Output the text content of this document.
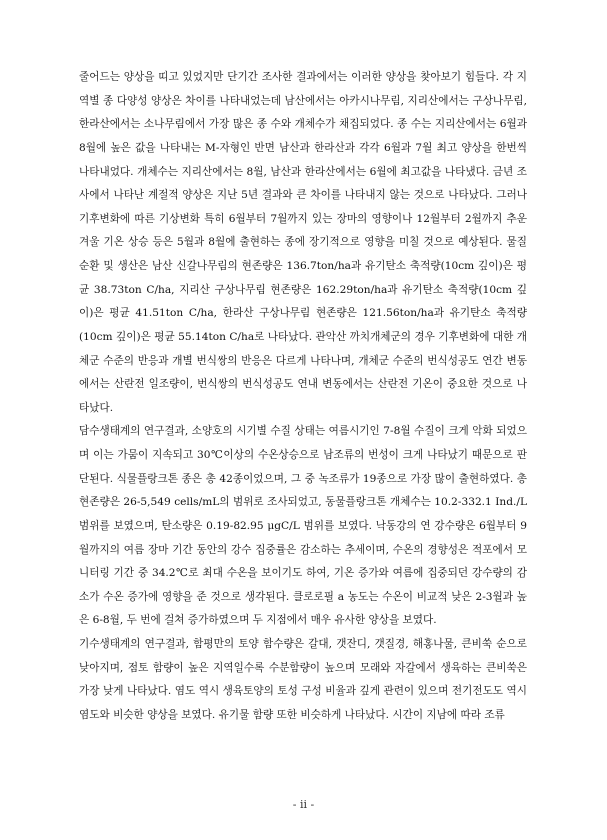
줄어드는 양상을 띠고 있었지만 단기간 조사한 결과에서는 이러한 양상을 찾아보기 힘들다. 각 지역별 종 다양성 양상은 차이를 나타내었는데 남산에서는 아카시나무림, 지리산에서는 구상나무림, 한라산에서는 소나무림에서 가장 많은 종 수와 개체수가 채집되었다. 종 수는 지리산에서는 6월과 8월에 높은 값을 나타내는 M-자형인 반면 남산과 한라산과 각각 6월과 7월 최고 양상을 한번씩 나타내었다. 개체수는 지리산에서는 8월, 남산과 한라산에서는 6월에 최고값을 나타냈다. 금년 조사에서 나타난 계절적 양상은 지난 5년 결과와 큰 차이를 나타내지 않는 것으로 나타났다. 그러나 기후변화에 따른 기상변화 특히 6월부터 7월까지 있는 장마의 영향이나 12월부터 2월까지 추운 겨울 기온 상승 등은 5월과 8월에 출현하는 종에 장기적으로 영향을 미칠 것으로 예상된다. 물질순환 및 생산은 남산 신갈나무림의 현존량은 136.7ton/ha과 유기탄소 축적량(10cm 깊이)은 평균 38.73ton C/ha, 지리산 구상나무림 현존량은 162.29ton/ha과 유기탄소 축적량(10cm 깊이)은 평균 41.51ton C/ha, 한라산 구상나무림 현존량은 121.56ton/ha과 유기탄소 축적량(10cm 깊이)은 평균 55.14ton C/ha로 나타났다. 관악산 까치개체군의 경우 기후변화에 대한 개체군 수준의 반응과 개별 번식쌍의 반응은 다르게 나타나며, 개체군 수준의 번식성공도 연간 변동에서는 산란전 일조량이, 번식쌍의 번식성공도 연내 변동에서는 산란전 기온이 중요한 것으로 나타났다.

담수생태계의 연구결과, 소양호의 시기별 수질 상태는 여름시기인 7-8월 수질이 크게 악화 되었으며 이는 가뭄이 지속되고 30℃이상의 수온상승으로 남조류의 번성이 크게 나타났기 때문으로 판단된다. 식물플랑크톤 종은 총 42종이었으며, 그 중 녹조류가 19종으로 가장 많이 출현하였다. 총 현존량은 26-5,549 cells/mL의 범위로 조사되었고, 동물플랑크톤 개체수는 10.2-332.1 Ind./L 범위를 보였으며, 탄소량은 0.19-82.95 μgC/L 범위를 보였다. 낙동강의 연 강수량은 6월부터 9월까지의 여름 장마 기간 동안의 강수 집중률은 감소하는 추세이며, 수온의 경향성은 적포에서 모니터링 기간 중 34.2℃로 최대 수온을 보이기도 하여, 기온 증가와 여름에 집중되던 강수량의 감소가 수온 증가에 영향을 준 것으로 생각된다. 클로로필 a 농도는 수온이 비교적 낮은 2-3월과 높은 6-8월, 두 번에 걸쳐 증가하였으며 두 지점에서 매우 유사한 양상을 보였다.

기수생태계의 연구결과, 함평만의 토양 함수량은 갈대, 갯잔디, 갯질경, 해홍나물, 큰비쑥 순으로 낮아지며, 점토 함량이 높은 지역일수록 수분함량이 높으며 모래와 자갈에서 생육하는 큰비쑥은 가장 낮게 나타났다. 염도 역시 생육토양의 토성 구성 비율과 깊게 관련이 있으며 전기전도도 역시 염도와 비슷한 양상을 보였다. 유기물 함량 또한 비슷하게 나타났다. 시간이 지남에 따라 조류

- ii -
